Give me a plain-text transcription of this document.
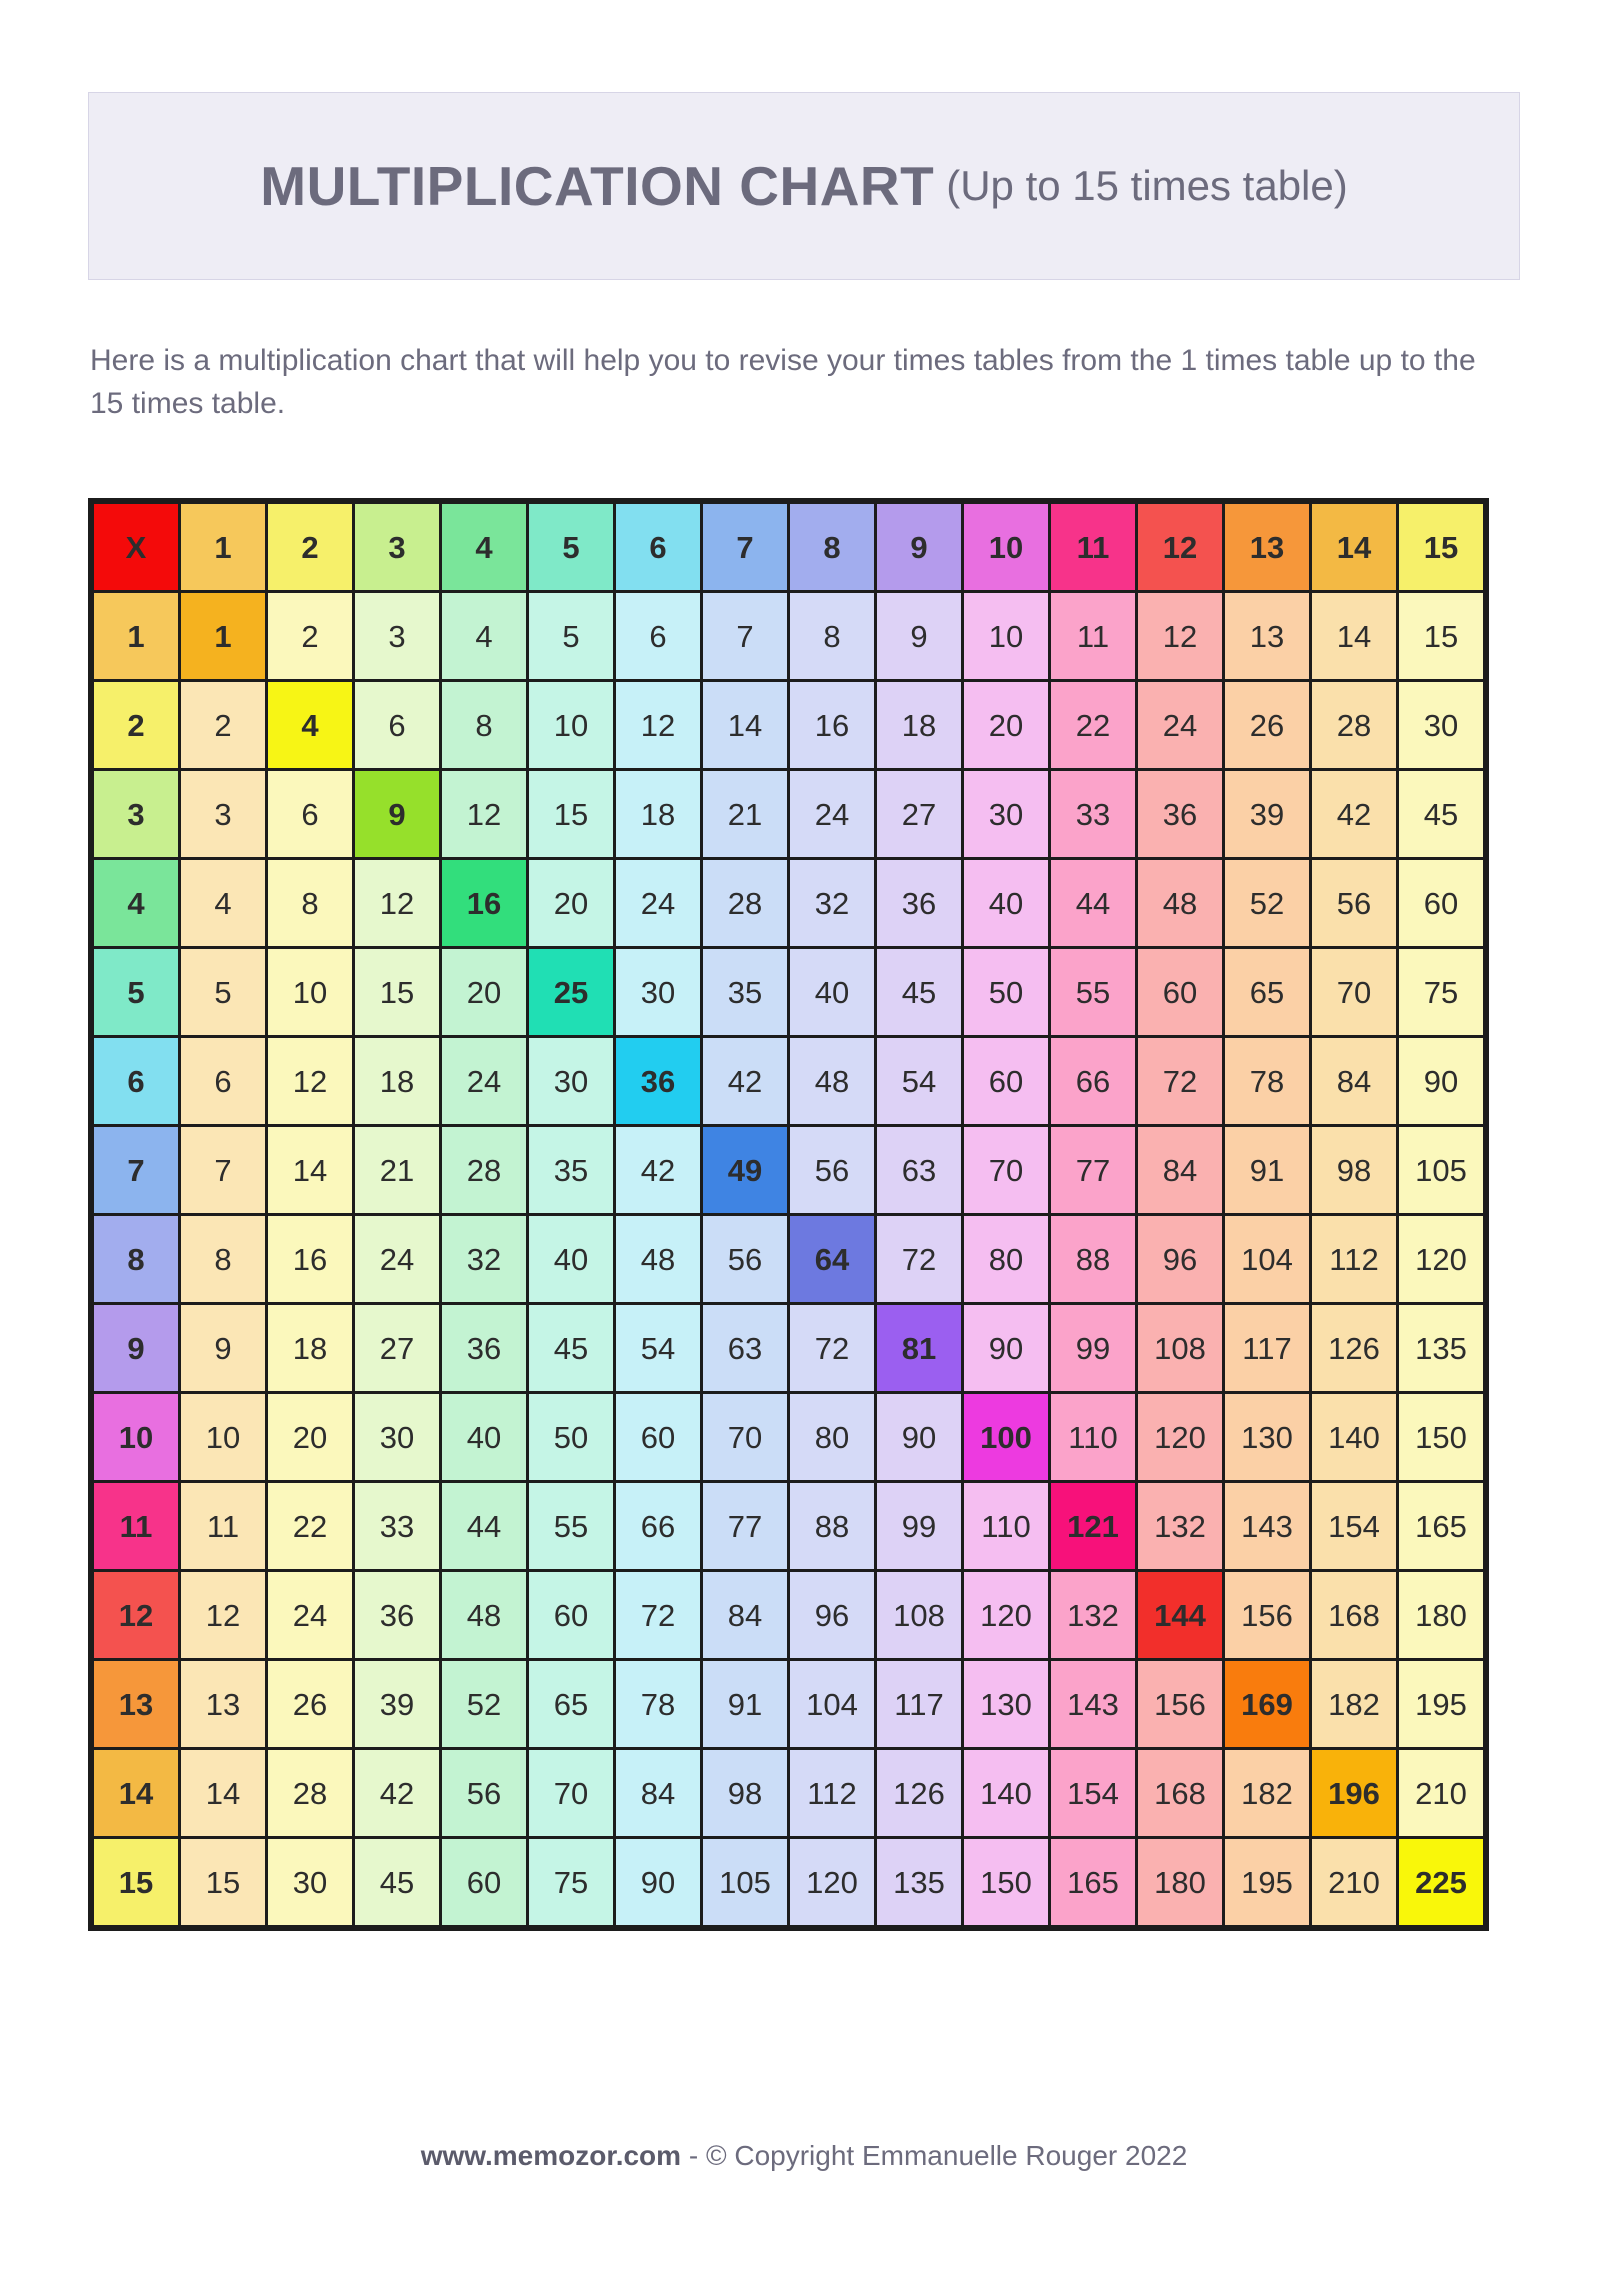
MULTIPLICATION CHART (Up to 15 times table)
Here is a multiplication chart that will help you to revise your times tables from the 1 times table up to the 15 times table.
X	1	2	3	4	5	6	7	8	9	10	11	12	13	14	15
1	1	2	3	4	5	6	7	8	9	10	11	12	13	14	15
2	2	4	6	8	10	12	14	16	18	20	22	24	26	28	30
3	3	6	9	12	15	18	21	24	27	30	33	36	39	42	45
4	4	8	12	16	20	24	28	32	36	40	44	48	52	56	60
5	5	10	15	20	25	30	35	40	45	50	55	60	65	70	75
6	6	12	18	24	30	36	42	48	54	60	66	72	78	84	90
7	7	14	21	28	35	42	49	56	63	70	77	84	91	98	105
8	8	16	24	32	40	48	56	64	72	80	88	96	104	112	120
9	9	18	27	36	45	54	63	72	81	90	99	108	117	126	135
10	10	20	30	40	50	60	70	80	90	100	110	120	130	140	150
11	11	22	33	44	55	66	77	88	99	110	121	132	143	154	165
12	12	24	36	48	60	72	84	96	108	120	132	144	156	168	180
13	13	26	39	52	65	78	91	104	117	130	143	156	169	182	195
14	14	28	42	56	70	84	98	112	126	140	154	168	182	196	210
15	15	30	45	60	75	90	105	120	135	150	165	180	195	210	225
www.memozor.com - © Copyright Emmanuelle Rouger 2022
